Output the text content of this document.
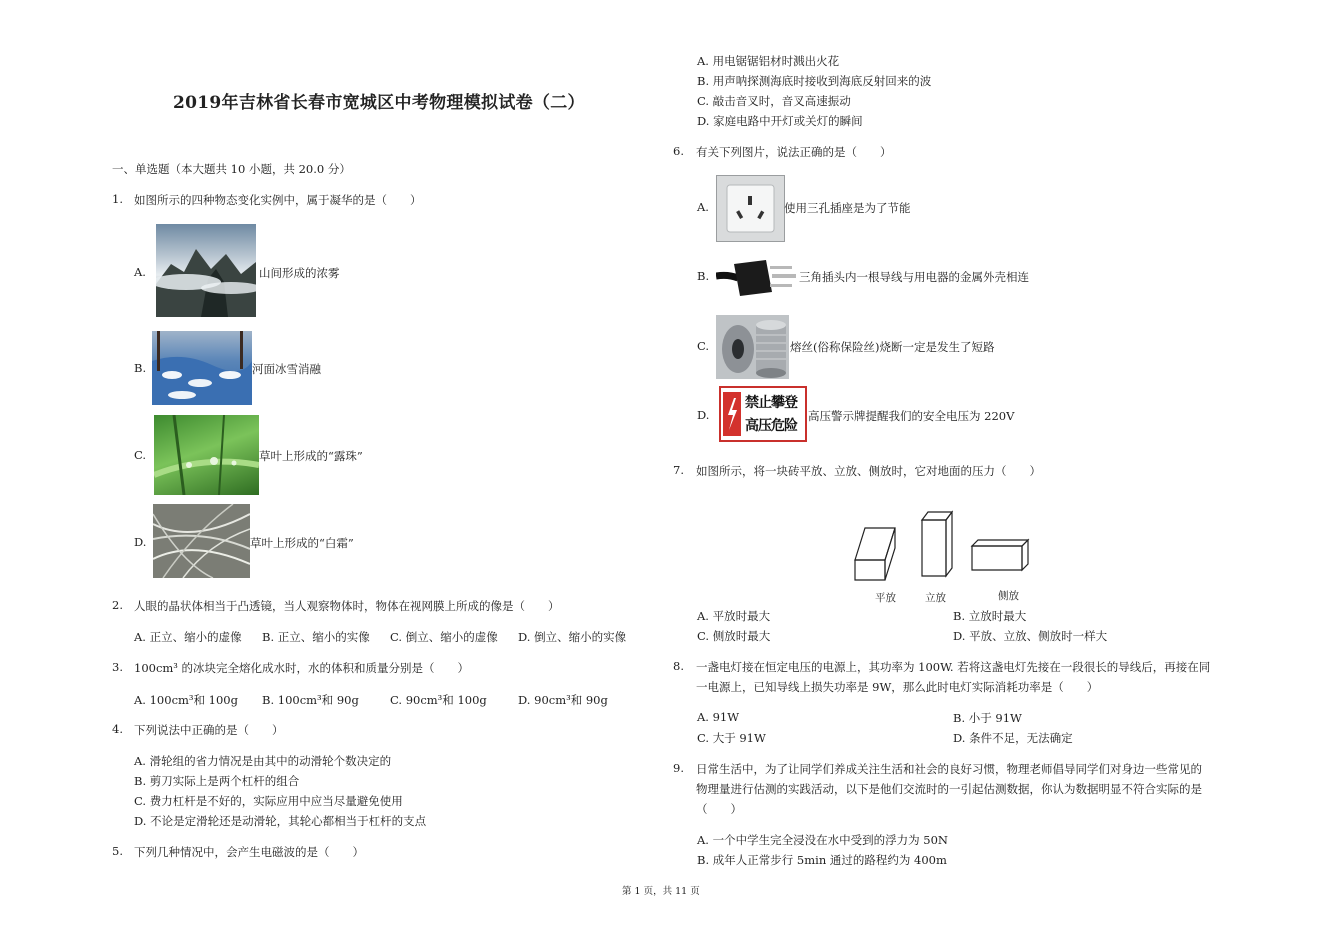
2019年吉林省长春市宽城区中考物理模拟试卷（二）
一、单选题（本大题共 10 小题，共 20.0 分）
1. 如图所示的四种物态变化实例中，属于凝华的是（　　）
A.	山间形成的浓雾
B.	河面冰雪消融
C.	草叶上形成的“露珠”
D.	草叶上形成的“白霜”
2. 人眼的晶状体相当于凸透镜，当人观察物体时，物体在视网膜上所成的像是（　　）
A. 正立、缩小的虚像 B. 正立、缩小的实像 C. 倒立、缩小的虚像 D. 倒立、缩小的实像
3. 100cm³ 的冰块完全熔化成水时，水的体积和质量分别是（　　）
A. 100cm³和 100g B. 100cm³和 90g	C. 90cm³和 100g	D. 90cm³和 90g
4. 下列说法中正确的是（　　）
A. 滑轮组的省力情况是由其中的动滑轮个数决定的
B. 剪刀实际上是两个杠杆的组合
C. 费力杠杆是不好的，实际应用中应当尽量避免使用
D. 不论是定滑轮还是动滑轮，其轮心都相当于杠杆的支点
5. 下列几种情况中，会产生电磁波的是（　　）
A. 用电锯锯铝材时溅出火花
B. 用声呐探测海底时接收到海底反射回来的波
C. 敲击音叉时，音叉高速振动
D. 家庭电路中开灯或关灯的瞬间
6. 有关下列图片，说法正确的是（　　）
A.	使用三孔插座是为了节能
B.	三角插头内一根导线与用电器的金属外壳相连
C.	熔丝(俗称保险丝)烧断一定是发生了短路
D.
禁止攀登
高压危险
高压警示牌提醒我们的安全电压为 220V
7. 如图所示，将一块砖平放、立放、侧放时，它对地面的压力（　　）
平放	立放	侧放
A. 平放时最大	B. 立放时最大
C. 侧放时最大	D. 平放、立放、侧放时一样大
8. 一盏电灯接在恒定电压的电源上，其功率为 100W. 若将这盏电灯先接在一段很长的导线后，再接在同
一电源上，已知导线上损失功率是 9W，那么此时电灯实际消耗功率是（　　）
A. 91W	B. 小于 91W
C. 大于 91W	D. 条件不足，无法确定
9. 日常生活中，为了让同学们养成关注生活和社会的良好习惯，物理老师倡导同学们对身边一些常见的
物理量进行估测的实践活动，以下是他们交流时的一引起估测数据，你认为数据明显不符合实际的是
（　　）
A. 一个中学生完全浸没在水中受到的浮力为 50N
B. 成年人正常步行 5min 通过的路程约为 400m
第 1 页，共 11 页
